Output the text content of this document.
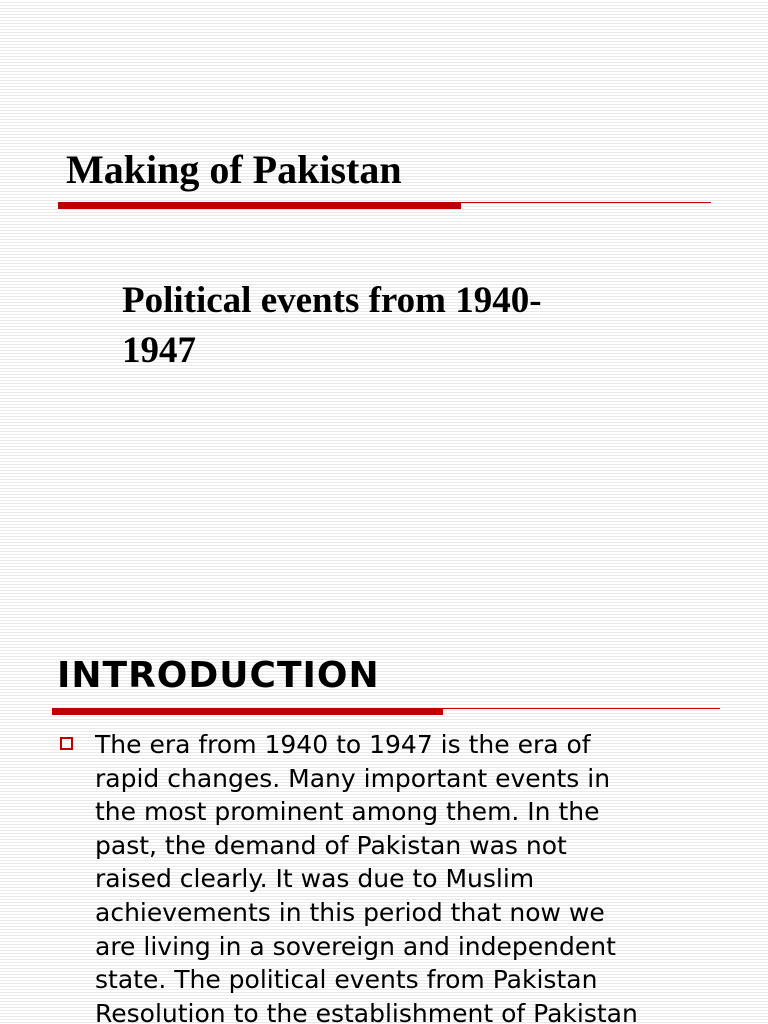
Making of Pakistan
Political events from 1940-
1947
INTRODUCTION

The era from 1940 to 1947 is the era of
rapid changes. Many important events in
the most prominent among them. In the
past, the demand of Pakistan was not
raised clearly. It was due to Muslim
achievements in this period that now we
are living in a sovereign and independent
state. The political events from Pakistan
Resolution to the establishment of Pakistan
